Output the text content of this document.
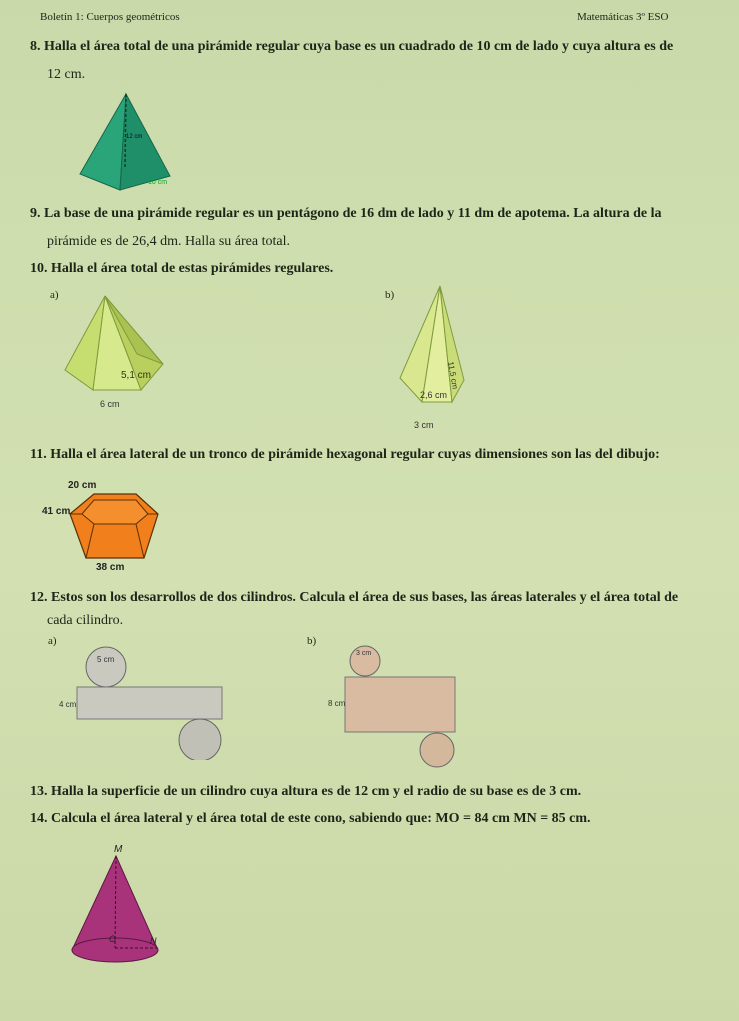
Boletín 1: Cuerpos geométricos	Matemáticas 3º ESO
8. Halla el área total de una pirámide regular cuya base es un cuadrado de 10 cm de lado y cuya altura es de
12 cm.
12 cm
10 cm
9. La base de una pirámide regular es un pentágono de 16 dm de lado y 11 dm de apotema. La altura de la
pirámide es de 26,4 dm. Halla su área total.
10. Halla el área total de estas pirámides regulares.
a)	b)
5,1 cm
6 cm
11,5 cm
2,6 cm
3 cm
11. Halla el área lateral de un tronco de pirámide hexagonal regular cuyas dimensiones son las del dibujo:
20 cm
41 cm
38 cm
12. Estos son los desarrollos de dos cilindros. Calcula el área de sus bases, las áreas laterales y el área total de
cada cilindro.
a)	b)
5 cm
4 cm
3 cm
8 cm
13. Halla la superficie de un cilindro cuya altura es de 12 cm y el radio de su base es de 3 cm.
14. Calcula el área lateral y el área total de este cono, sabiendo que: MO = 84 cm MN = 85 cm.
M
O	N
